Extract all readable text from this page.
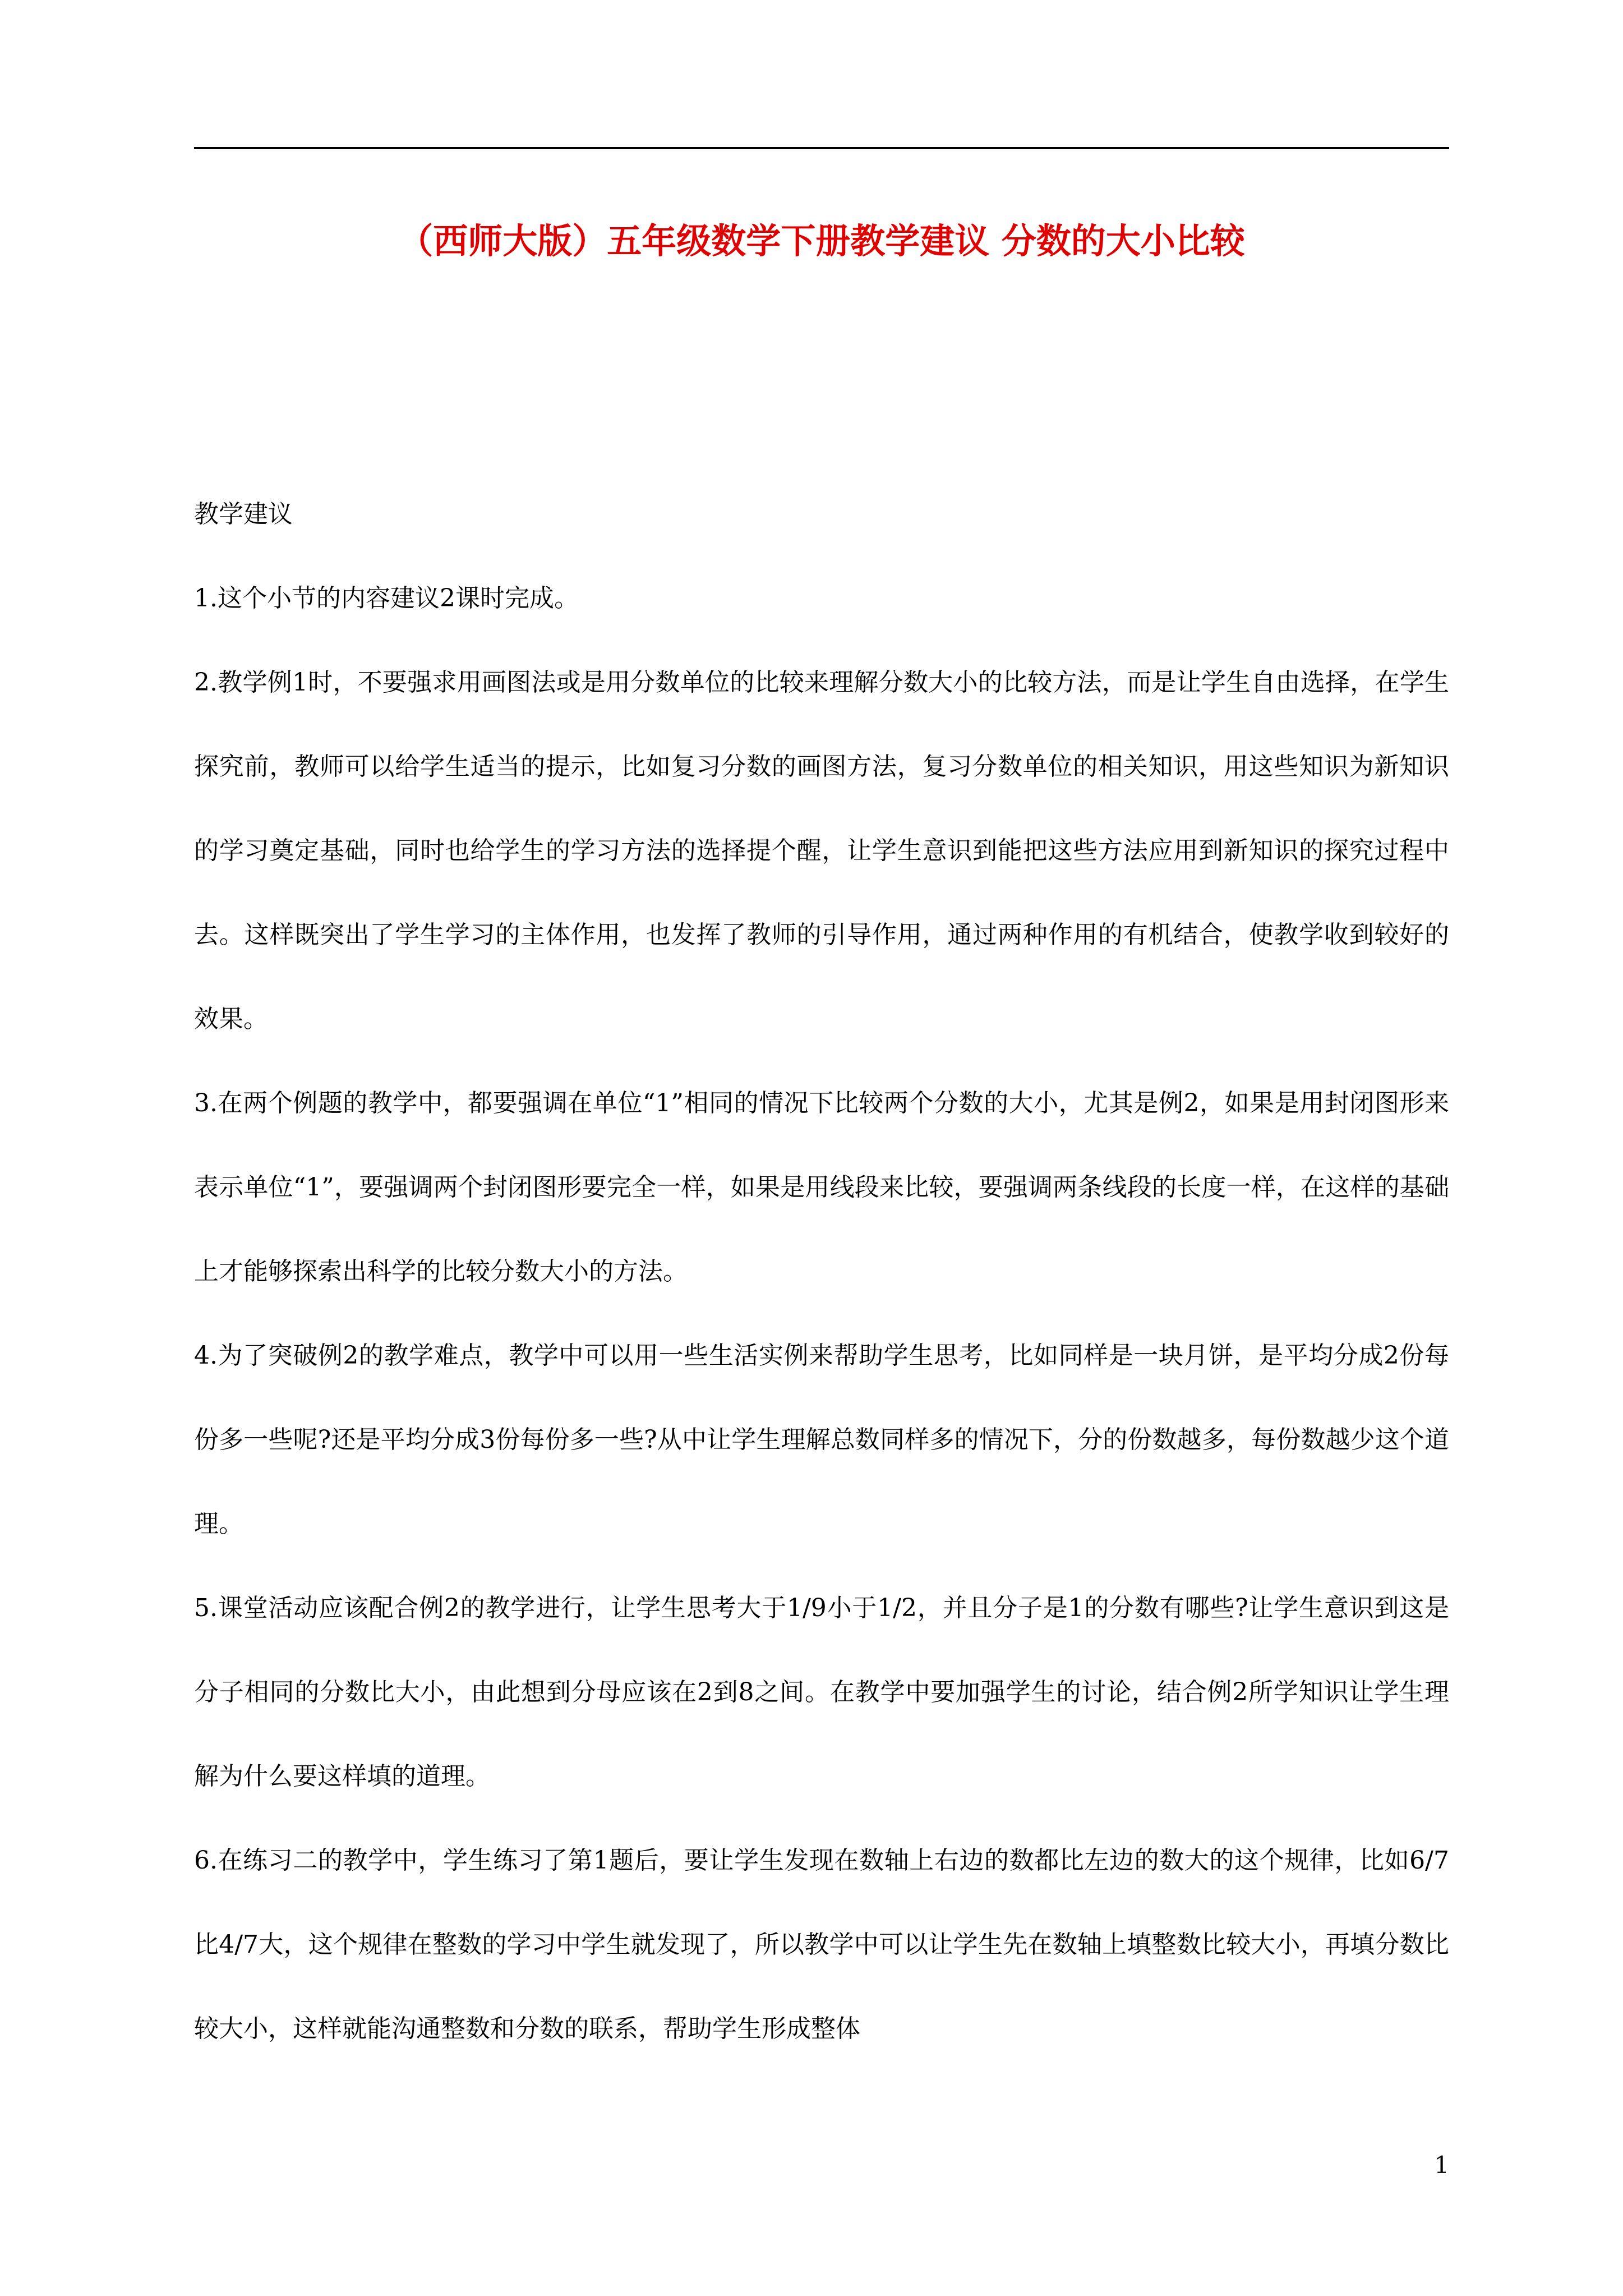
（西师大版）五年级数学下册教学建议 分数的大小比较

教学建议

1.这个小节的内容建议2课时完成。

2.教学例1时，不要强求用画图法或是用分数单位的比较来理解分数大小的比较方法，而是让学生自由选择，在学生探究前，教师可以给学生适当的提示，比如复习分数的画图方法，复习分数单位的相关知识，用这些知识为新知识的学习奠定基础，同时也给学生的学习方法的选择提个醒，让学生意识到能把这些方法应用到新知识的探究过程中去。这样既突出了学生学习的主体作用，也发挥了教师的引导作用，通过两种作用的有机结合，使教学收到较好的效果。

3.在两个例题的教学中，都要强调在单位“1”相同的情况下比较两个分数的大小，尤其是例2，如果是用封闭图形来表示单位“1”，要强调两个封闭图形要完全一样，如果是用线段来比较，要强调两条线段的长度一样，在这样的基础上才能够探索出科学的比较分数大小的方法。

4.为了突破例2的教学难点，教学中可以用一些生活实例来帮助学生思考，比如同样是一块月饼，是平均分成2份每份多一些呢?还是平均分成3份每份多一些?从中让学生理解总数同样多的情况下，分的份数越多，每份数越少这个道理。

5.课堂活动应该配合例2的教学进行，让学生思考大于1/9小于1/2，并且分子是1的分数有哪些?让学生意识到这是分子相同的分数比大小，由此想到分母应该在2到8之间。在教学中要加强学生的讨论，结合例2所学知识让学生理解为什么要这样填的道理。

6.在练习二的教学中，学生练习了第1题后，要让学生发现在数轴上右边的数都比左边的数大的这个规律，比如6/7比4/7大，这个规律在整数的学习中学生就发现了，所以教学中可以让学生先在数轴上填整数比较大小，再填分数比较大小，这样就能沟通整数和分数的联系，帮助学生形成整体

1
